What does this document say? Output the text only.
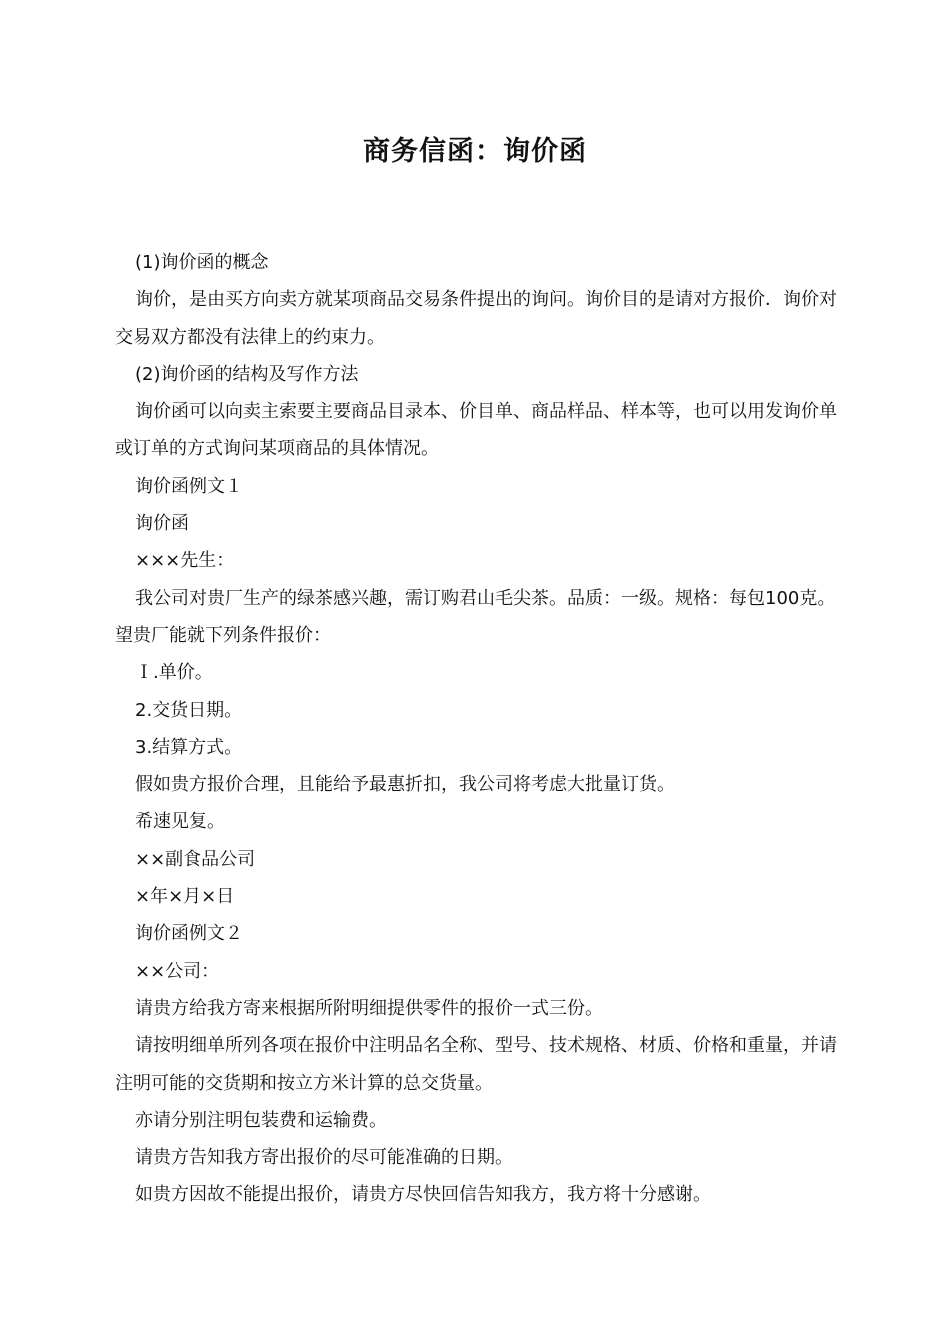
商务信函：询价函

(1)询价函的概念

询价，是由买方向卖方就某项商品交易条件提出的询问。询价目的是请对方报价．询价对交易双方都没有法律上的约束力。

(2)询价函的结构及写作方法

询价函可以向卖主索要主要商品目录本、价目单、商品样品、样本等，也可以用发询价单或订单的方式询问某项商品的具体情况。

询价函例文１

询价函

×××先生：

我公司对贵厂生产的绿茶感兴趣，需订购君山毛尖茶。品质：一级。规格：每包100克。望贵厂能就下列条件报价：

Ｉ.单价。

2.交货日期。

3.结算方式。

假如贵方报价合理，且能给予最惠折扣，我公司将考虑大批量订货。

希速见复。

××副食品公司

×年×月×日

询价函例文２

××公司：

请贵方给我方寄来根据所附明细提供零件的报价一式三份。

请按明细单所列各项在报价中注明品名全称、型号、技术规格、材质、价格和重量，并请注明可能的交货期和按立方米计算的总交货量。

亦请分别注明包装费和运输费。

请贵方告知我方寄出报价的尽可能准确的日期。

如贵方因故不能提出报价，请贵方尽快回信告知我方，我方将十分感谢。
